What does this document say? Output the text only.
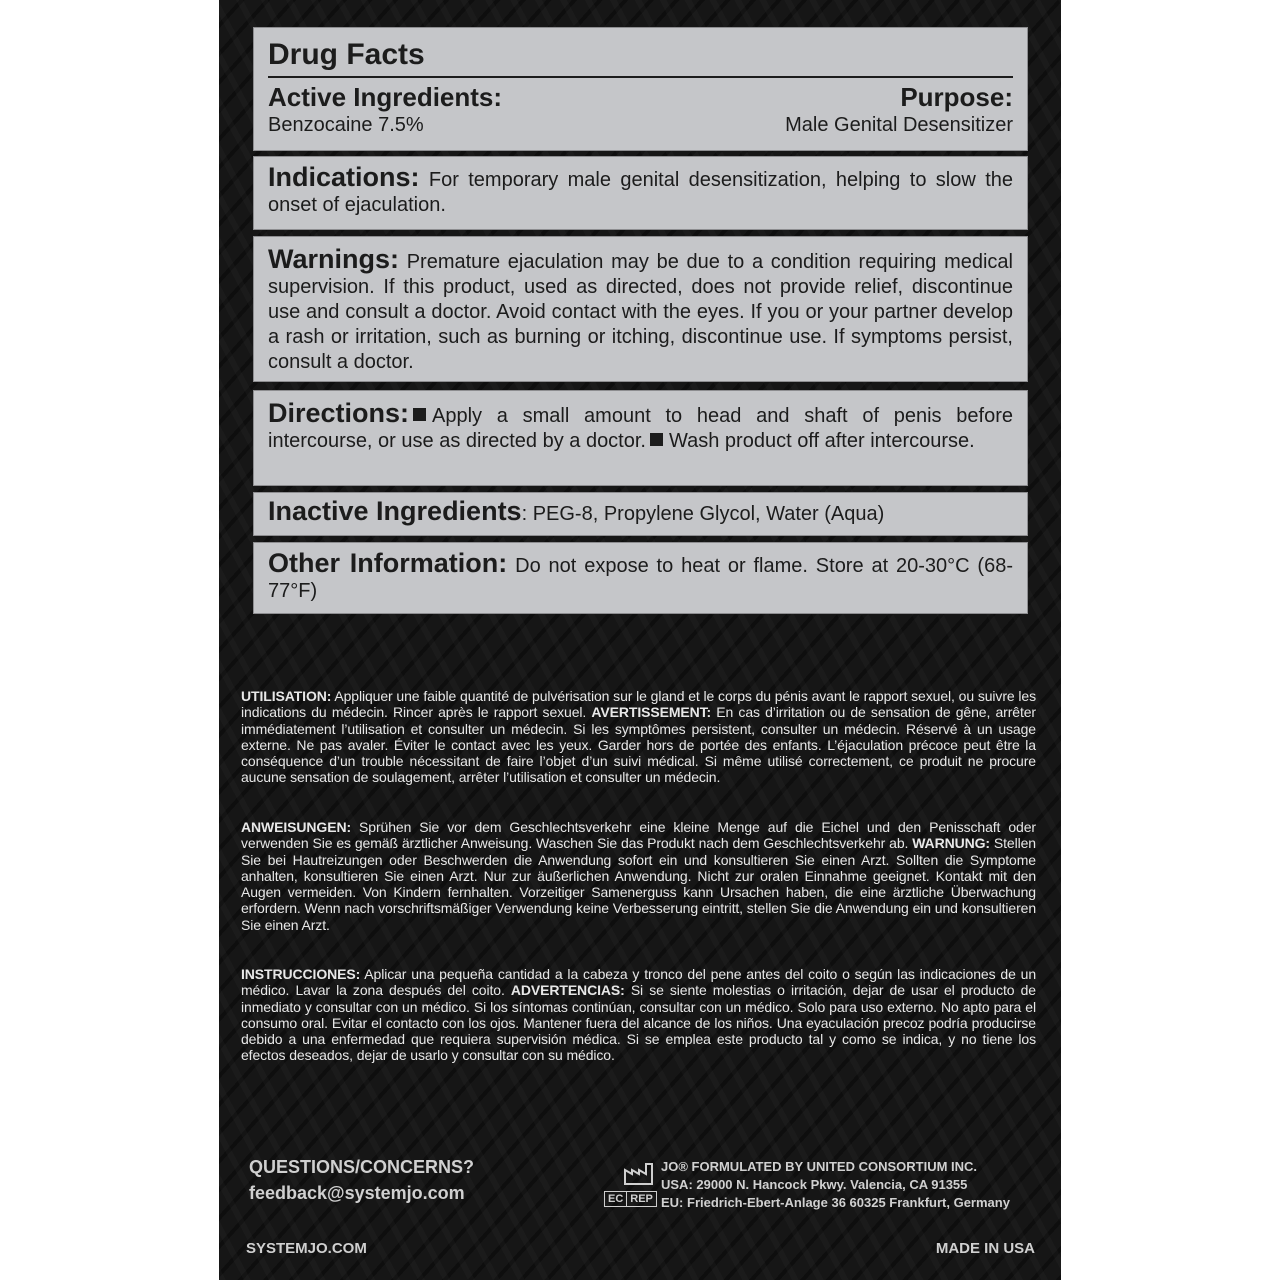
Drug Facts
Active Ingredients:	Purpose:
Benzocaine 7.5%	Male Genital Desensitizer
Indications: For temporary male genital desensitization, helping to slow the onset of ejaculation.
Warnings: Premature ejaculation may be due to a condition requiring medical supervision. If this product, used as directed, does not provide relief, discontinue use and consult a doctor. Avoid contact with the eyes. If you or your partner develop a rash or irritation, such as burning or itching, discontinue use. If symptoms persist, consult a doctor.
Directions: Apply a small amount to head and shaft of penis before intercourse, or use as directed by a doctor. Wash product off after intercourse.
Inactive Ingredients: PEG-8, Propylene Glycol, Water (Aqua)
Other Information: Do not expose to heat or flame. Store at 20-30°C (68-77°F)
UTILISATION: Appliquer une faible quantité de pulvérisation sur le gland et le corps du pénis avant le rapport sexuel, ou suivre les indications du médecin. Rincer après le rapport sexuel. AVERTISSEMENT: En cas d’irritation ou de sensation de gêne, arrêter immédiatement l’utilisation et consulter un médecin. Si les symptômes persistent, consulter un médecin. Réservé à un usage externe. Ne pas avaler. Éviter le contact avec les yeux. Garder hors de portée des enfants. L’éjaculation précoce peut être la conséquence d’un trouble nécessitant de faire l’objet d’un suivi médical. Si même utilisé correctement, ce produit ne procure aucune sensation de soulagement, arrêter l’utilisation et consulter un médecin.
ANWEISUNGEN: Sprühen Sie vor dem Geschlechtsverkehr eine kleine Menge auf die Eichel und den Penisschaft oder verwenden Sie es gemäß ärztlicher Anweisung. Waschen Sie das Produkt nach dem Geschlechtsverkehr ab. WARNUNG: Stellen Sie bei Hautreizungen oder Beschwerden die Anwendung sofort ein und konsultieren Sie einen Arzt. Sollten die Symptome anhalten, konsultieren Sie einen Arzt. Nur zur äußerlichen Anwendung. Nicht zur oralen Einnahme geeignet. Kontakt mit den Augen vermeiden. Von Kindern fernhalten. Vorzeitiger Samenerguss kann Ursachen haben, die eine ärztliche Überwachung erfordern. Wenn nach vorschriftsmäßiger Verwendung keine Verbesserung eintritt, stellen Sie die Anwendung ein und konsultieren Sie einen Arzt.
INSTRUCCIONES: Aplicar una pequeña cantidad a la cabeza y tronco del pene antes del coito o según las indicaciones de un médico. Lavar la zona después del coito. ADVERTENCIAS: Si se siente molestias o irritación, dejar de usar el producto de inmediato y consultar con un médico. Si los síntomas continúan, consultar con un médico. Solo para uso externo. No apto para el consumo oral. Evitar el contacto con los ojos. Mantener fuera del alcance de los niños. Una eyaculación precoz podría producirse debido a una enfermedad que requiera supervisión médica. Si se emplea este producto tal y como se indica, y no tiene los efectos deseados, dejar de usarlo y consultar con su médico.
QUESTIONS/CONCERNS?
feedback@systemjo.com	EC REP
JO® FORMULATED BY UNITED CONSORTIUM INC.
USA: 29000 N. Hancock Pkwy. Valencia, CA 91355
EU: Friedrich-Ebert-Anlage 36 60325 Frankfurt, Germany
SYSTEMJO.COM	MADE IN USA
